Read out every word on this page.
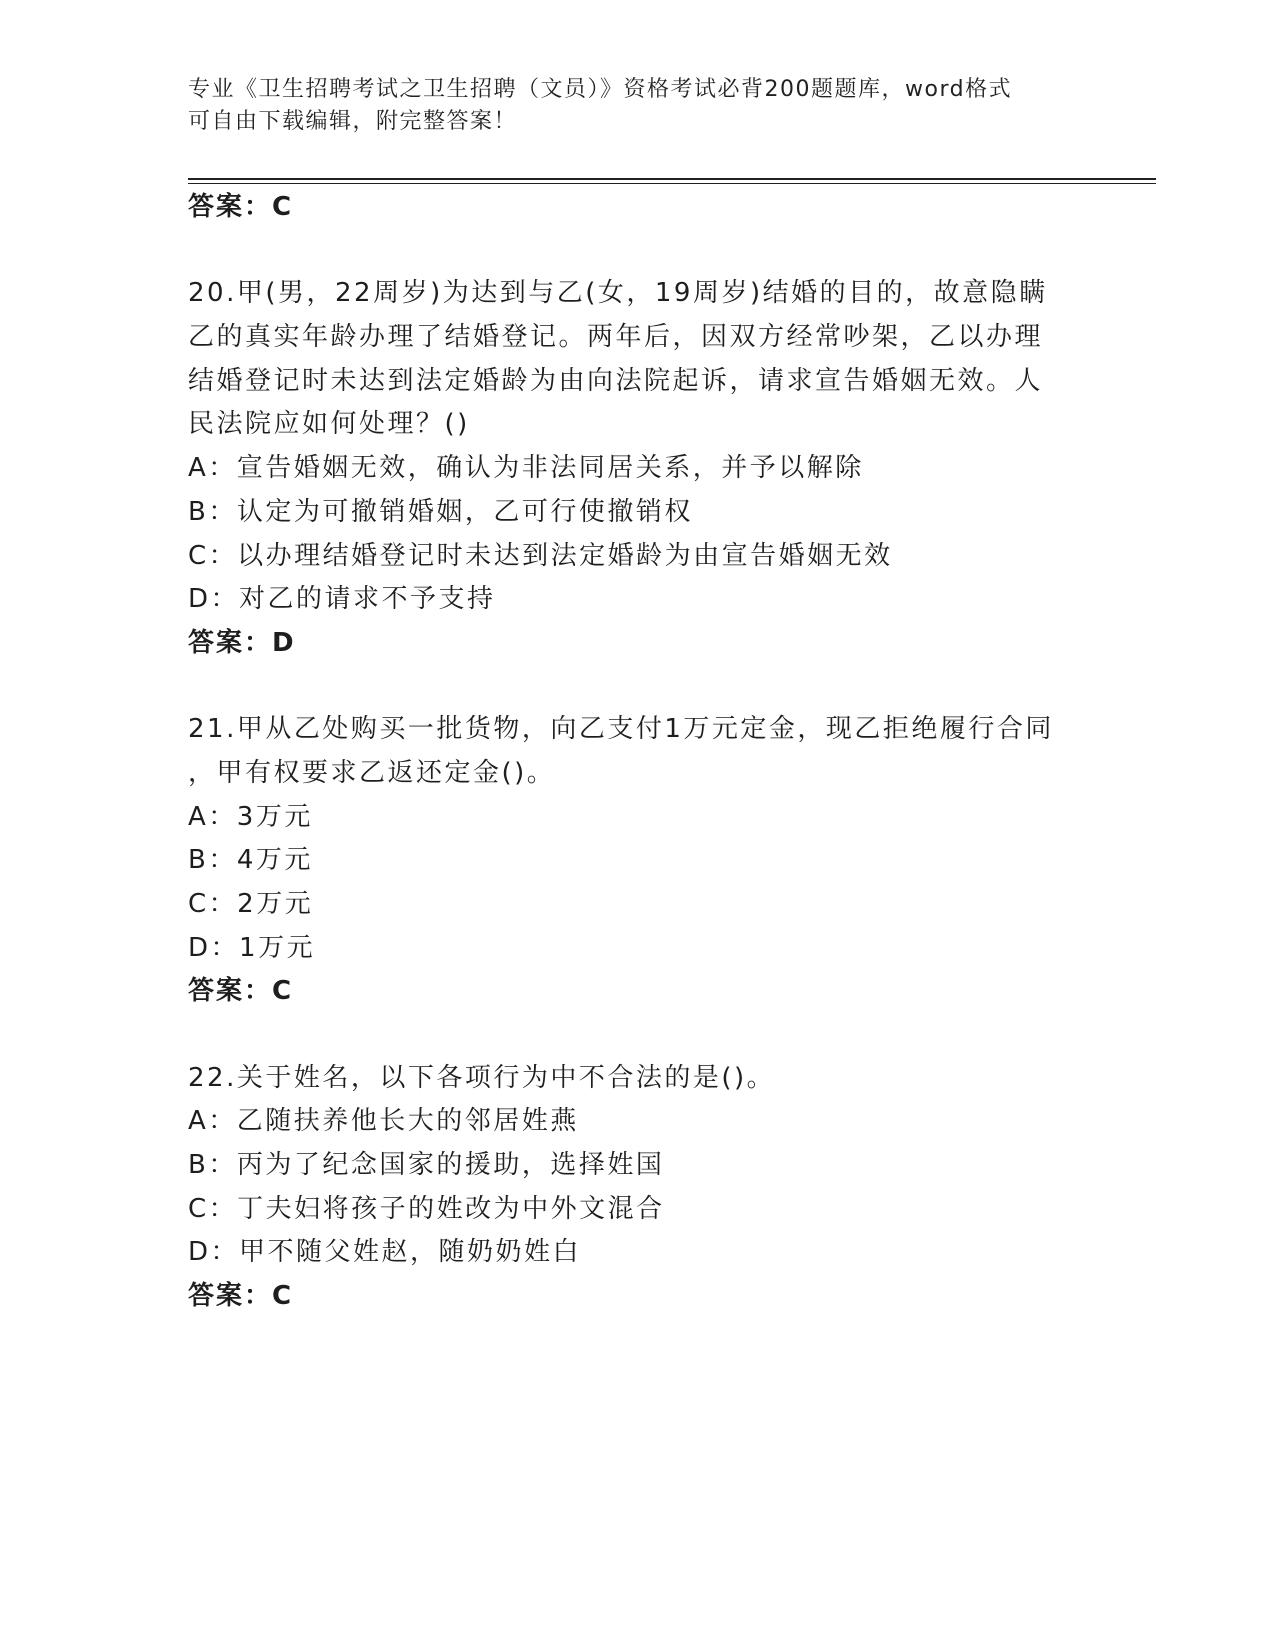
专业《卫生招聘考试之卫生招聘（文员）》资格考试必背200题题库，word格式
可自由下载编辑，附完整答案！
答案：C
20.甲(男，22周岁)为达到与乙(女，19周岁)结婚的目的，故意隐瞒
乙的真实年龄办理了结婚登记。两年后，因双方经常吵架，乙以办理
结婚登记时未达到法定婚龄为由向法院起诉，请求宣告婚姻无效。人
民法院应如何处理？()
A：宣告婚姻无效，确认为非法同居关系，并予以解除
B：认定为可撤销婚姻，乙可行使撤销权
C：以办理结婚登记时未达到法定婚龄为由宣告婚姻无效
D：对乙的请求不予支持
答案：D
21.甲从乙处购买一批货物，向乙支付1万元定金，现乙拒绝履行合同
，甲有权要求乙返还定金()。
A：3万元
B：4万元
C：2万元
D：1万元
答案：C
22.关于姓名，以下各项行为中不合法的是()。
A：乙随扶养他长大的邻居姓燕
B：丙为了纪念国家的援助，选择姓国
C：丁夫妇将孩子的姓改为中外文混合
D：甲不随父姓赵，随奶奶姓白
答案：C
